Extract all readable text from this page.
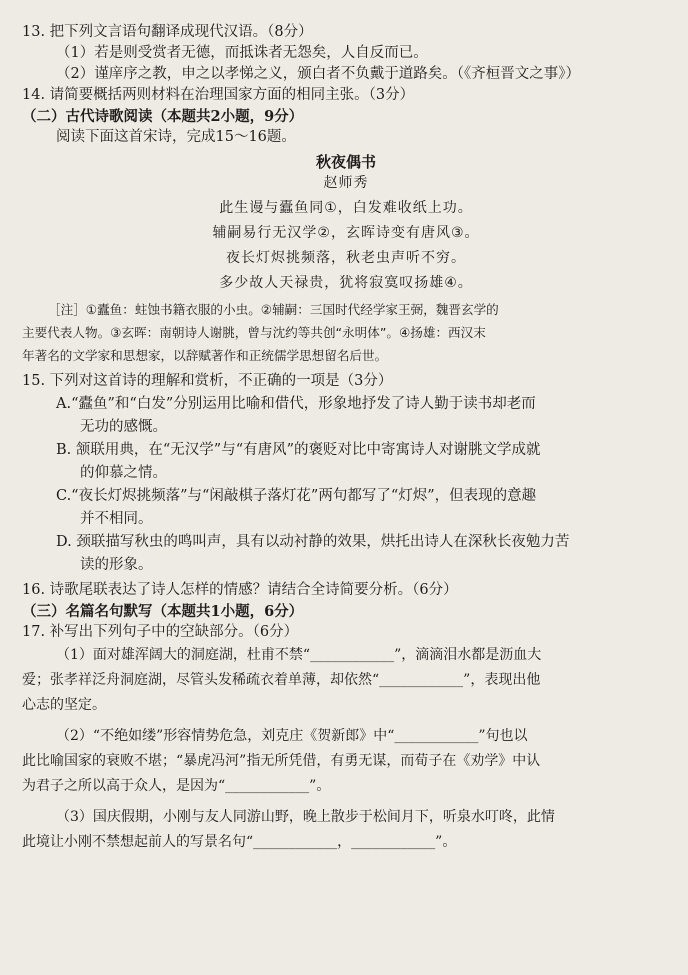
13. 把下列文言语句翻译成现代汉语。（8分）
（1）若是则受赏者无德，而抵诛者无怨矣，人自反而已。
（2）谨庠序之教，申之以孝悌之义，颁白者不负戴于道路矣。（《齐桓晋文之事》）
14. 请简要概括两则材料在治理国家方面的相同主张。（3分）
（二）古代诗歌阅读（本题共2小题，9分）
阅读下面这首宋诗，完成15～16题。
秋夜偶书
赵师秀
此生谩与蠹鱼同①，白发难收纸上功。
辅嗣易行无汉学②，玄晖诗变有唐风③。
夜长灯烬挑频落，秋老虫声听不穷。
多少故人天禄贵，犹将寂寞叹扬雄④。
［注］①蠹鱼：蛀蚀书籍衣服的小虫。②辅嗣：三国时代经学家王弼，魏晋玄学的
主要代表人物。③玄晖：南朝诗人谢朓，曾与沈约等共创“永明体”。④扬雄：西汉末
年著名的文学家和思想家，以辞赋著作和正统儒学思想留名后世。
15. 下列对这首诗的理解和赏析，不正确的一项是（3分）
A.“蠹鱼”和“白发”分别运用比喻和借代，形象地抒发了诗人勤于读书却老而
无功的感慨。
B. 颔联用典，在“无汉学”与“有唐风”的褒贬对比中寄寓诗人对谢朓文学成就
的仰慕之情。
C.“夜长灯烬挑频落”与“闲敲棋子落灯花”两句都写了“灯烬”，但表现的意趣
并不相同。
D. 颈联描写秋虫的鸣叫声，具有以动衬静的效果，烘托出诗人在深秋长夜勉力苦
读的形象。
16. 诗歌尾联表达了诗人怎样的情感？请结合全诗简要分析。（6分）
（三）名篇名句默写（本题共1小题，6分）
17. 补写出下列句子中的空缺部分。（6分）
（1）面对雄浑阔大的洞庭湖，杜甫不禁“____________”，滴滴泪水都是沥血大
爱；张孝祥泛舟洞庭湖，尽管头发稀疏衣着单薄，却依然“____________”，表现出他
心志的坚定。
（2）“不绝如缕”形容情势危急，刘克庄《贺新郎》中“____________”句也以
此比喻国家的衰败不堪；“暴虎冯河”指无所凭借，有勇无谋，而荀子在《劝学》中认
为君子之所以高于众人，是因为“____________”。
（3）国庆假期，小刚与友人同游山野，晚上散步于松间月下，听泉水叮咚，此情
此境让小刚不禁想起前人的写景名句“____________，____________”。
